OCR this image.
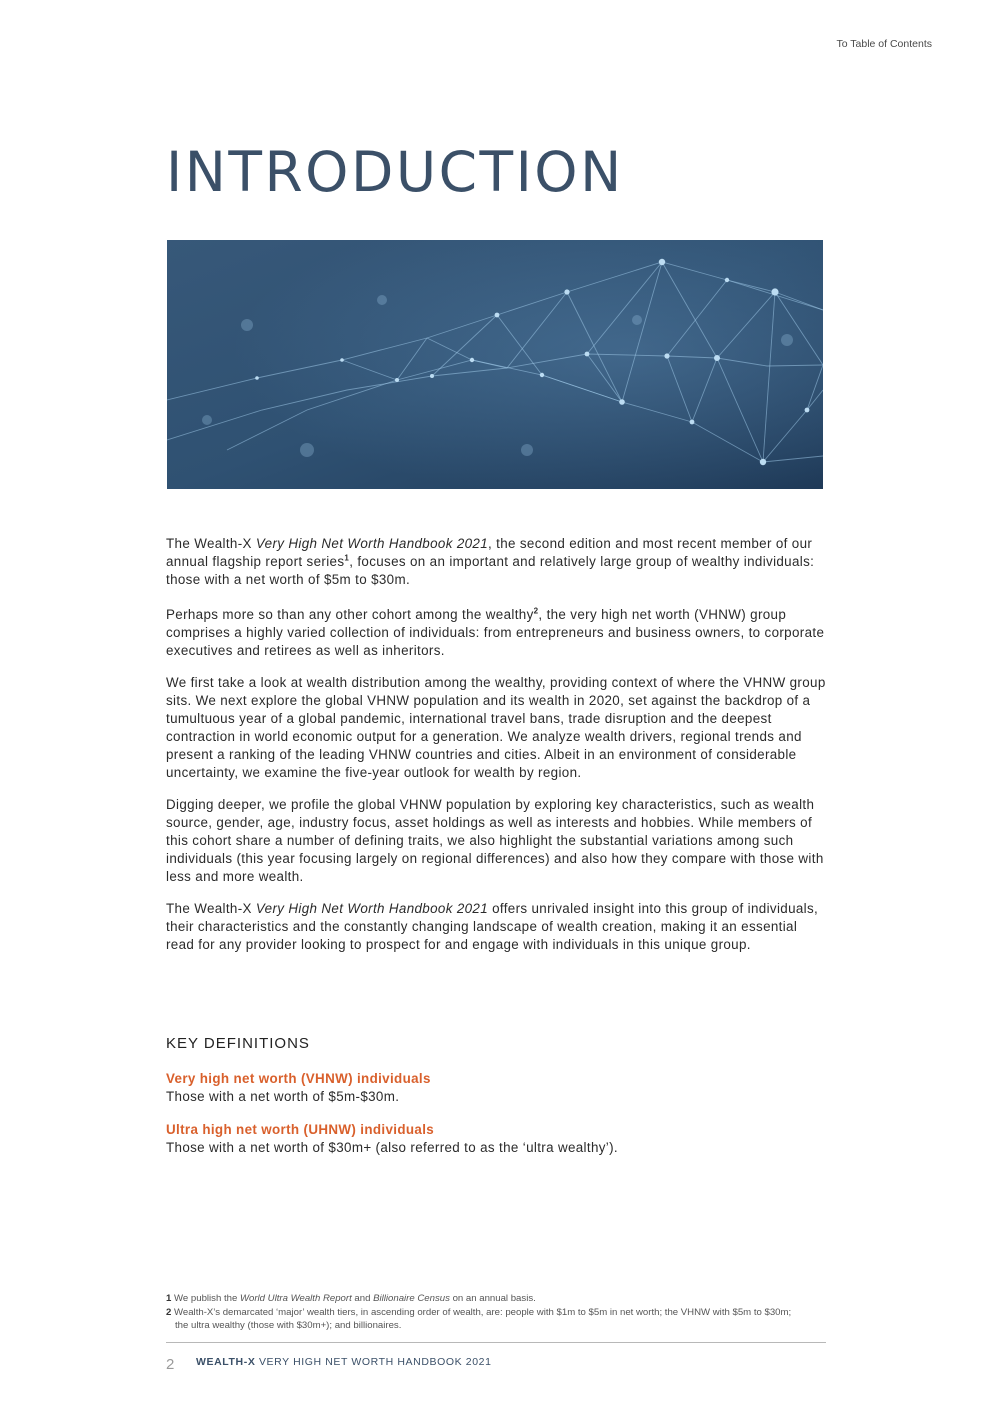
To Table of Contents
INTRODUCTION

The Wealth-X Very High Net Worth Handbook 2021, the second edition and most recent member of our annual flagship report series$^1$, focuses on an important and relatively large group of wealthy individuals: those with a net worth of $5m to $30m.

Perhaps more so than any other cohort among the wealthy$^2$, the very high net worth (VHNW) group comprises a highly varied collection of individuals: from entrepreneurs and business owners, to corporate executives and retirees as well as inheritors.

We first take a look at wealth distribution among the wealthy, providing context of where the VHNW group sits. We next explore the global VHNW population and its wealth in 2020, set against the backdrop of a tumultuous year of a global pandemic, international travel bans, trade disruption and the deepest contraction in world economic output for a generation. We analyze wealth drivers, regional trends and present a ranking of the leading VHNW countries and cities. Albeit in an environment of considerable uncertainty, we examine the five-year outlook for wealth by region.

Digging deeper, we profile the global VHNW population by exploring key characteristics, such as wealth source, gender, age, industry focus, asset holdings as well as interests and hobbies. While members of this cohort share a number of defining traits, we also highlight the substantial variations among such individuals (this year focusing largely on regional differences) and also how they compare with those with less and more wealth.

The Wealth-X Very High Net Worth Handbook 2021 offers unrivaled insight into this group of individuals, their characteristics and the constantly changing landscape of wealth creation, making it an essential read for any provider looking to prospect for and engage with individuals in this unique group.

KEY DEFINITIONS
Very high net worth (VHNW) individuals
Those with a net worth of $5m-$30m.
Ultra high net worth (UHNW) individuals
Those with a net worth of $30m+ (also referred to as the ‘ultra wealthy’).
1 We publish the World Ultra Wealth Report and Billionaire Census on an annual basis.
2 Wealth-X’s demarcated ‘major’ wealth tiers, in ascending order of wealth, are: people with $1m to $5m in net worth; the VHNW with $5m to $30m; the ultra wealthy (those with $30m+); and billionaires.
2 WEALTH-X VERY HIGH NET WORTH HANDBOOK 2021
